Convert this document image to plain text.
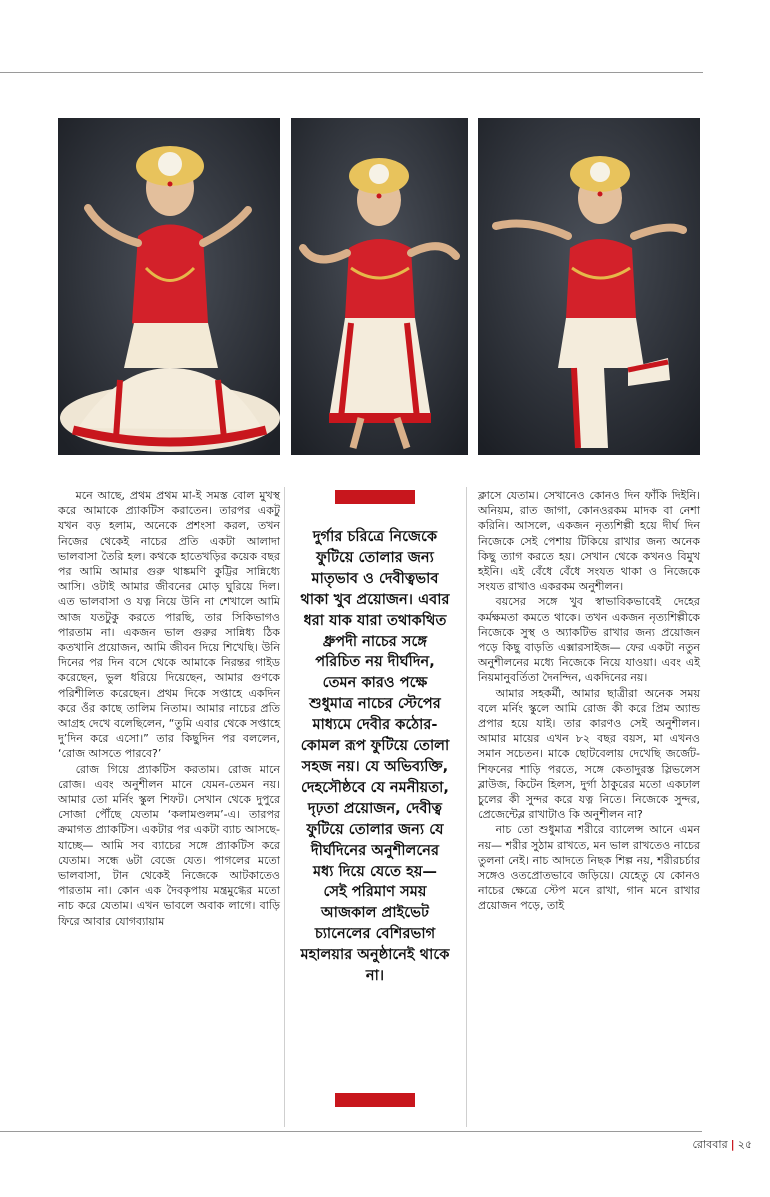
মনে আছে, প্রথম প্রথম মা-ই সমস্ত বোল মুখস্থ করে আমাকে প্র্যাকটিস করাতেন। তারপর একটু যখন বড় হলাম, অনেকে প্রশংসা করল, তখন নিজের থেকেই নাচের প্রতি একটা আলাদা ভালবাসা তৈরি হল। কথকে হাতেখড়ির কয়েক বছর পর আমি আমার গুরু থাঙ্কমণি কুট্টির সান্নিধ্যে আসি। ওটাই আমার জীবনের মোড় ঘুরিয়ে দিল। এত ভালবাসা ও যত্ন নিয়ে উনি না শেখালে আমি আজ যতটুকু করতে পারছি, তার সিকিভাগও পারতাম না। একজন ভাল গুরুর সান্নিধ্য ঠিক কতখানি প্রয়োজন, আমি জীবন দিয়ে শিখেছি। উনি দিনের পর দিন বসে থেকে আমাকে নিরন্তর গাইড করেছেন, ভুল ধরিয়ে দিয়েছেন, আমার গুণকে পরিশীলিত করেছেন। প্রথম দিকে সপ্তাহে একদিন করে ওঁর কাছে তালিম নিতাম। আমার নাচের প্রতি আগ্রহ দেখে বলেছিলেন, “তুমি এবার থেকে সপ্তাহে দু’দিন করে এসো।” তার কিছুদিন পর বললেন, ‘রোজ আসতে পারবে?’

রোজ গিয়ে প্র্যাকটিস করতাম। রোজ মানে রোজ। এবং অনুশীলন মানে যেমন-তেমন নয়। আমার তো মর্নিং স্কুল শিফট। সেখান থেকে দুপুরে সোজা পৌঁছে যেতাম ‘কলামণ্ডলম’-এ। তারপর ক্রমাগত প্র্যাকটিস। একটার পর একটা ব্যাচ আসছে-যাচ্ছে— আমি সব ব্যাচের সঙ্গে প্র্যাকটিস করে যেতাম। সন্ধে ৬টা বেজে যেত। পাগলের মতো ভালবাসা, টান থেকেই নিজেকে আটকাতেও পারতাম না। কোন এক দৈবকৃপায় মন্ত্রমুগ্ধের মতো নাচ করে যেতাম। এখন ভাবলে অবাক লাগে। বাড়ি ফিরে আবার যোগব্যায়াম

দুর্গার চরিত্রে নিজেকে ফুটিয়ে তোলার জন্য মাতৃভাব ও দেবীত্বভাব থাকা খুব প্রয়োজন। এবার ধরা যাক যারা তথাকথিত ধ্রুপদী নাচের সঙ্গে পরিচিত নয় দীর্ঘদিন, তেমন কারও পক্ষে শুধুমাত্র নাচের স্টেপের মাধ্যমে দেবীর কঠোর-কোমল রূপ ফুটিয়ে তোলা সহজ নয়। যে অভিব্যক্তি, দেহসৌষ্ঠবে যে নমনীয়তা, দৃঢ়তা প্রয়োজন, দেবীত্ব ফুটিয়ে তোলার জন্য যে দীর্ঘদিনের অনুশীলনের মধ্য দিয়ে যেতে হয়— সেই পরিমাণ সময় আজকাল প্রাইভেট চ্যানেলের বেশিরভাগ মহালয়ার অনুষ্ঠানেই থাকে না।

ক্লাসে যেতাম। সেখানেও কোনও দিন ফাঁকি দিইনি। অনিয়ম, রাত জাগা, কোনওরকম মাদক বা নেশা করিনি। আসলে, একজন নৃত্যশিল্পী হয়ে দীর্ঘ দিন নিজেকে সেই পেশায় টিকিয়ে রাখার জন্য অনেক কিছু ত্যাগ করতে হয়। সেখান থেকে কখনও বিমুখ হইনি। এই বেঁধে বেঁধে সংযত থাকা ও নিজেকে সংযত রাখাও একরকম অনুশীলন।

বয়সের সঙ্গে খুব স্বাভাবিকভাবেই দেহের কর্মক্ষমতা কমতে থাকে। তখন একজন নৃত্যশিল্পীকে নিজেকে সুস্থ ও অ্যাকটিভ রাখার জন্য প্রয়োজন পড়ে কিছু বাড়তি এক্সারসাইজ— ফের একটা নতুন অনুশীলনের মধ্যে নিজেকে নিয়ে যাওয়া। এবং এই নিয়মানুবর্তিতা দৈনন্দিন, একদিনের নয়।

আমার সহকর্মী, আমার ছাত্রীরা অনেক সময় বলে মর্নিং স্কুলে আমি রোজ কী করে প্রিম অ্যান্ড প্রপার হয়ে যাই। তার কারণও সেই অনুশীলন। আমার মায়ের এখন ৮২ বছর বয়স, মা এখনও সমান সচেতন। মাকে ছোটবেলায় দেখেছি জর্জেট-শিফনের শাড়ি পরতে, সঙ্গে কেতাদুরস্ত স্লিভলেস ব্লাউজ, কিটেন হিলস, দুর্গা ঠাকুরের মতো একঢাল চুলের কী সুন্দর করে যত্ন নিতে। নিজেকে সুন্দর, প্রেজেন্টেব্ল রাখাটাও কি অনুশীলন না?

নাচ তো শুধুমাত্র শরীরে ব্যালেন্স আনে এমন নয়— শরীর সুঠাম রাখতে, মন ভাল রাখতেও নাচের তুলনা নেই। নাচ আদতে নিছক শিল্প নয়, শরীরচর্চার সঙ্গেও ওতপ্রোতভাবে জড়িয়ে। যেহেতু যে কোনও নাচের ক্ষেত্রে স্টেপ মনে রাখা, গান মনে রাখার প্রয়োজন পড়ে, তাই

রোববার | ২৫
